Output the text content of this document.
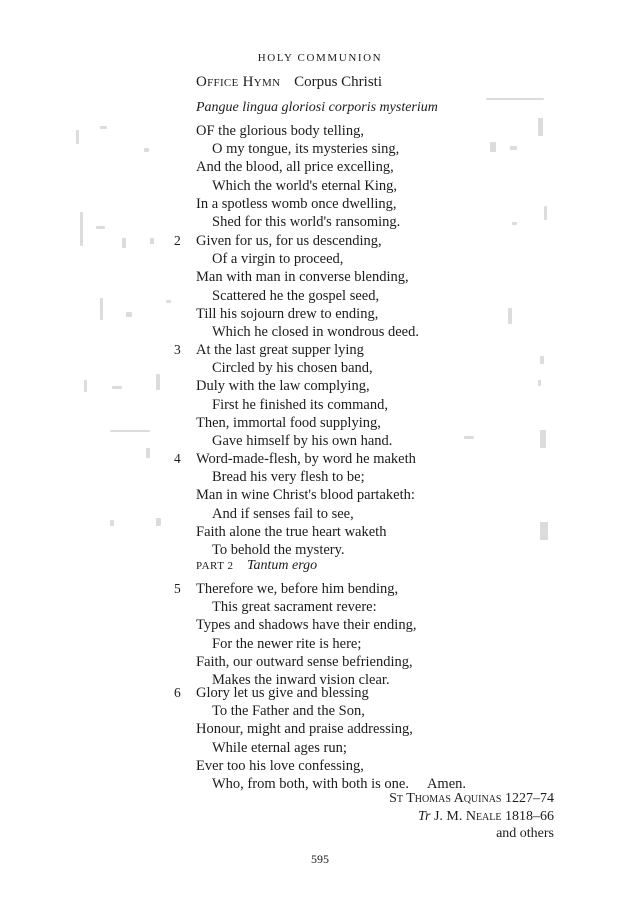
HOLY COMMUNION
Office Hymn Corpus Christi
Pangue lingua gloriosi corporis mysterium
OF the glorious body telling,
O my tongue, its mysteries sing,
And the blood, all price excelling,
Which the world's eternal King,
In a spotless womb once dwelling,
Shed for this world's ransoming.
2 Given for us, for us descending,
Of a virgin to proceed,
Man with man in converse blending,
Scattered he the gospel seed,
Till his sojourn drew to ending,
Which he closed in wondrous deed.
3 At the last great supper lying
Circled by his chosen band,
Duly with the law complying,
First he finished its command,
Then, immortal food supplying,
Gave himself by his own hand.
4 Word-made-flesh, by word he maketh
Bread his very flesh to be;
Man in wine Christ's blood partaketh:
And if senses fail to see,
Faith alone the true heart waketh
To behold the mystery.
PART 2 Tantum ergo
5 Therefore we, before him bending,
This great sacrament revere:
Types and shadows have their ending,
For the newer rite is here;
Faith, our outward sense befriending,
Makes the inward vision clear.
6 Glory let us give and blessing
To the Father and the Son,
Honour, might and praise addressing,
While eternal ages run;
Ever too his love confessing,
Who, from both, with both is one. Amen.
St Thomas Aquinas 1227–74
Tr J. M. Neale 1818–66
and others
595
